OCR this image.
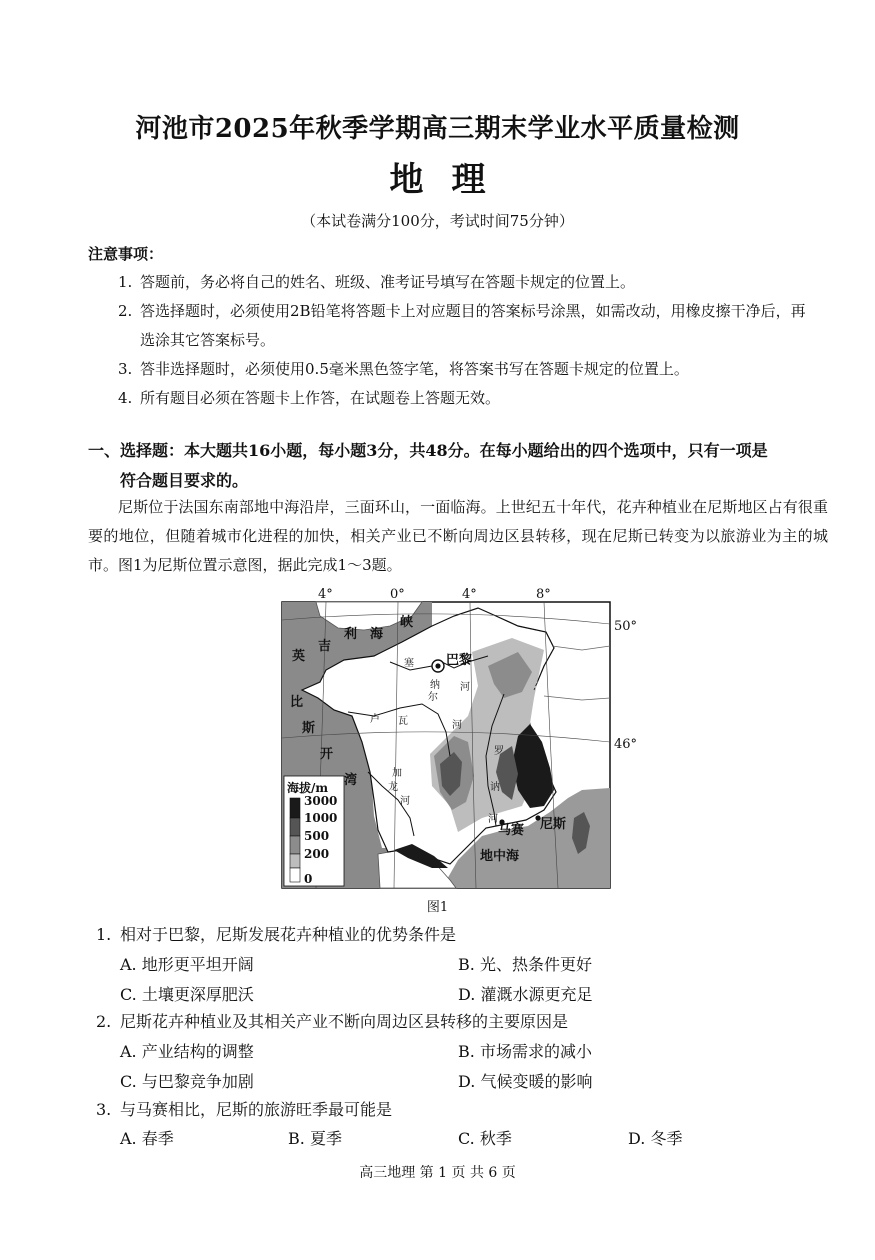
河池市2025年秋季学期高三期末学业水平质量检测
地理
（本试卷满分100分，考试时间75分钟）
注意事项：
1. 答题前，务必将自己的姓名、班级、准考证号填写在答题卡规定的位置上。
2. 答选择题时，必须使用2B铅笔将答题卡上对应题目的答案标号涂黑，如需改动，用橡皮擦干净后，再选涂其它答案标号。
3. 答非选择题时，必须使用0.5毫米黑色签字笔，将答案书写在答题卡规定的位置上。
4. 所有题目必须在答题卡上作答，在试题卷上答题无效。
一、选择题：本大题共16小题，每小题3分，共48分。在每小题给出的四个选项中，只有一项是
符合题目要求的。
尼斯位于法国东南部地中海沿岸，三面环山，一面临海。上世纪五十年代，花卉种植业在尼斯地区占有很重要的地位，但随着城市化进程的加快，相关产业已不断向周边区县转移，现在尼斯已转变为以旅游业为主的城市。图1为尼斯位置示意图，据此完成1～3题。
4°	0°	4°	8°
50°
46°
英
吉
利 海
峡
比
斯
开
湾
塞
纳 河
卢 瓦
尔
河
加
龙
河
罗
讷
河
巴黎
马赛 尼斯
地中海
海拔/m
3000
1000
500
200
0
图1
1. 相对于巴黎，尼斯发展花卉种植业的优势条件是
A. 地形更平坦开阔	B. 光、热条件更好
C. 土壤更深厚肥沃	D. 灌溉水源更充足
2. 尼斯花卉种植业及其相关产业不断向周边区县转移的主要原因是
A. 产业结构的调整	B. 市场需求的减小
C. 与巴黎竞争加剧	D. 气候变暖的影响
3. 与马赛相比，尼斯的旅游旺季最可能是
A. 春季	B. 夏季	C. 秋季	D. 冬季
高三地理 第 1 页 共 6 页
